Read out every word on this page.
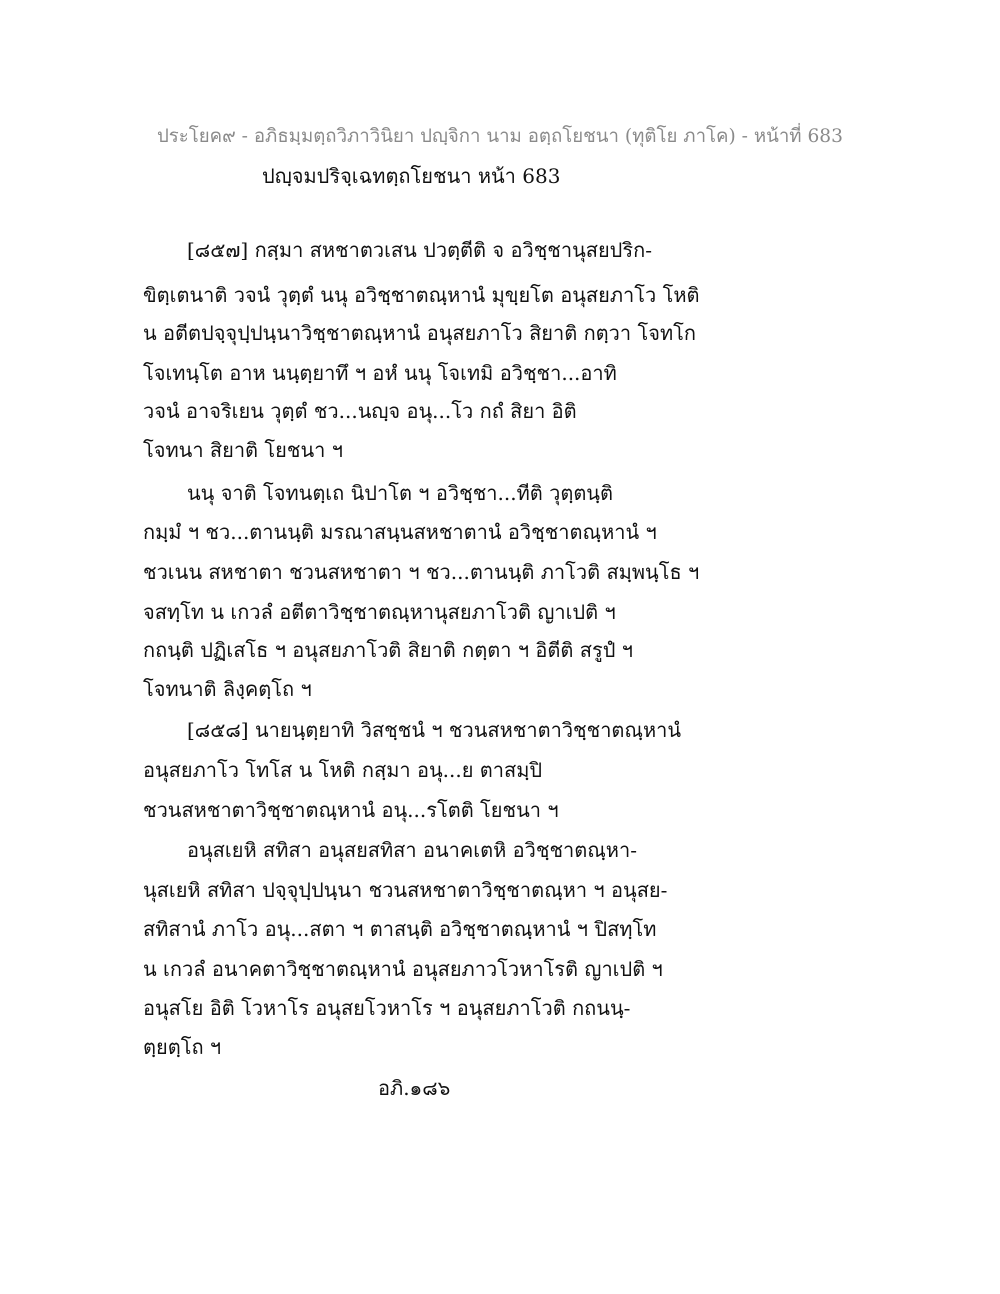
ประโยค๙ - อภิธมฺมตฺถวิภาวินิยา ปญฺจิกา นาม อตฺถโยชนา (ทุติโย ภาโค) - หน้าที่ 683
ปญฺจมปริจฺเฉทตฺถโยชนา หน้า 683
[๘๕๗] กสฺมา สหชาตวเสน ปวตฺตีติ จ อวิชฺชานุสยปริก-
ขิตฺเตนาติ วจนํ วุตฺตํ นนุ อวิชฺชาตณฺหานํ มุขฺยโต อนุสยภาโว โหติ
น อตีตปจฺจุปฺปนฺนาวิชฺชาตณฺหานํ อนุสยภาโว สิยาติ กตฺวา โจทโก
โจเทนฺโต อาห นนฺตฺยาทึ ฯ อหํ นนุ โจเทมิ อวิชฺชา...อาทิ
วจนํ อาจริเยน วุตฺตํ ชว...นญฺจ อนุ...โว กถํ สิยา อิติ
โจทนา สิยาติ โยชนา ฯ
นนุ จาติ โจทนตฺเถ นิปาโต ฯ อวิชฺชา...ทีติ วุตฺตนฺติ
กมฺมํ ฯ ชว...ตานนฺติ มรณาสนฺนสหชาตานํ อวิชฺชาตณฺหานํ ฯ
ชวเนน สหชาตา ชวนสหชาตา ฯ ชว...ตานนฺติ ภาโวติ สมฺพนฺโธ ฯ
จสทฺโท น เกวลํ อตีตาวิชฺชาตณฺหานุสยภาโวติ ญาเปติ ฯ
กถนฺติ ปฏิเสโธ ฯ อนุสยภาโวติ สิยาติ กตฺตา ฯ อิตีติ สรูปํ ฯ
โจทนาติ ลิงฺคตฺโถ ฯ
[๘๕๘] นายนฺตฺยาทิ วิสชฺชนํ ฯ ชวนสหชาตาวิชฺชาตณฺหานํ
อนุสยภาโว โทโส น โหติ กสฺมา อนุ...ย ตาสมฺปิ
ชวนสหชาตาวิชฺชาตณฺหานํ อนุ...รโตติ โยชนา ฯ
อนุสเยหิ สทิสา อนุสยสทิสา อนาคเตหิ อวิชฺชาตณฺหา-
นุสเยหิ สทิสา ปจฺจุปฺปนฺนา ชวนสหชาตาวิชฺชาตณฺหา ฯ อนุสย-
สทิสานํ ภาโว อนุ...สตา ฯ ตาสนฺติ อวิชฺชาตณฺหานํ ฯ ปิสทฺโท
น เกวลํ อนาคตาวิชฺชาตณฺหานํ อนุสยภาวโวหาโรติ ญาเปติ ฯ
อนุสโย อิติ โวหาโร อนุสยโวหาโร ฯ อนุสยภาโวติ กถนนฺ-
ตฺยตฺโถ ฯ
อภิ.๑๘๖
